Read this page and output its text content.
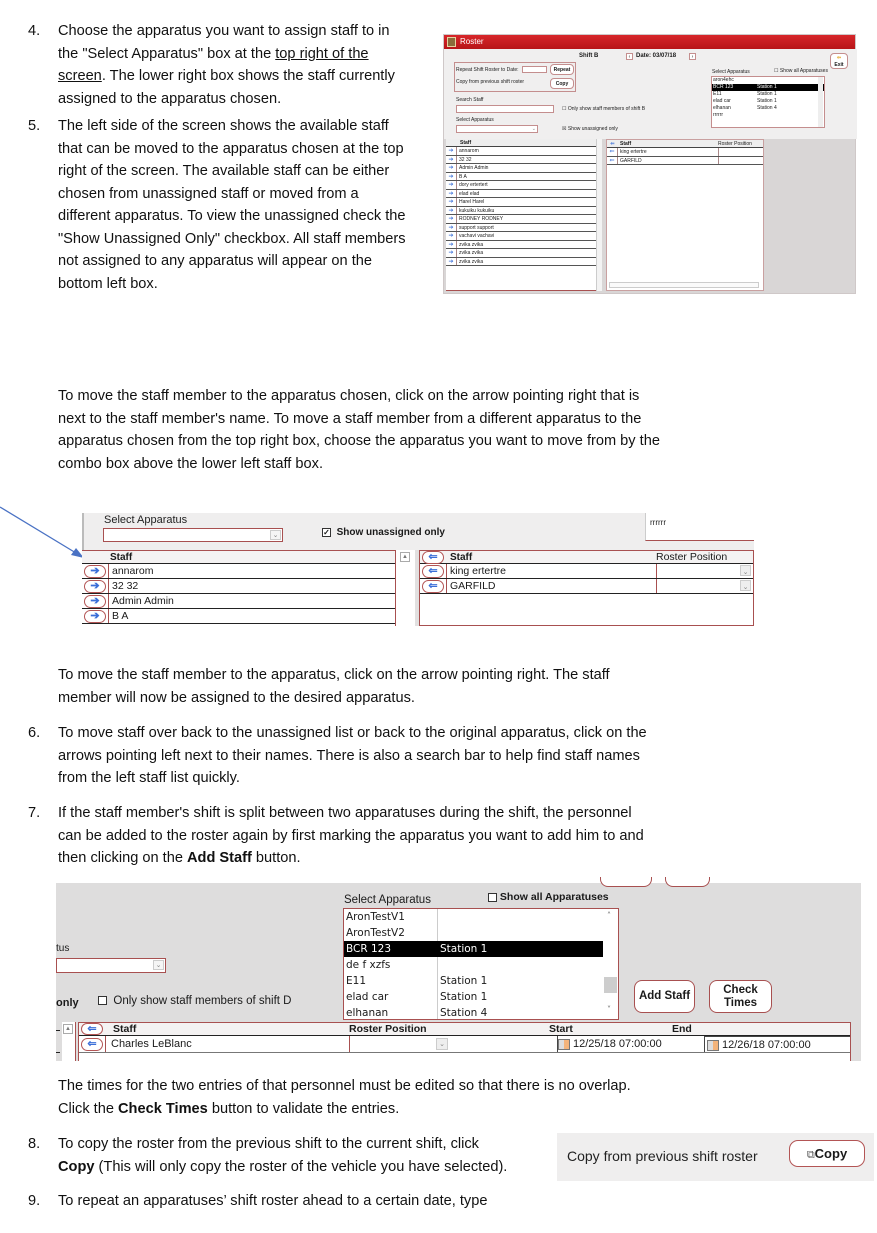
4.	Choose the apparatus you want to assign staff to in
the "Select Apparatus" box at the top right of the
screen. The lower right box shows the staff currently
assigned to the apparatus chosen.
5.	The left side of the screen shows the available staff
that can be moved to the apparatus chosen at the top
right of the screen. The available staff can be either
chosen from unassigned staff or moved from a
different apparatus. To view the unassigned check the
"Show Unassigned Only" checkbox. All staff members
not assigned to any apparatus will appear on the
bottom left box.
Roster
Shift B	‹ Date: 03/07/18	›	⇦
Exit
Repeat Shift Roster to Date:	Repeat
Copy from previous shift roster	Copy
Search Staff
☐ Only show staff members of shift B
Select Apparatus
⌄	☒ Show unassigned only
Select Apparatus	☐ Show all Apparatuses
aron4ehc
BCR 123	Station 1
E11	Station 1
elad car	Station 1
elhanan	Station 4
rrrrrr
Staff
➔	annarom
➔	32 32
➔	Admin Admin
➔	B A
➔	dory ertertert
➔	elad elad
➔	Harel Harel
➔	kukuiku kukuiku
➔	RODNEY RODNEY
➔	support support
➔	vachavi vachavi
➔	zvika zvika
➔	zvika zvika
➔	zvika zvika
⇐	Staff	Roster Position
⇐	king ertertre
⇐	GARFILD
To move the staff member to the apparatus chosen, click on the arrow pointing right that is
next to the staff member's name. To move a staff member from a different apparatus to the
apparatus chosen from the top right box, choose the apparatus you want to move from by the
combo box above the lower left staff box.
Select Apparatus
⌄	✓ Show unassigned only
rrrrrr
Staff
➔	annarom
➔	32 32
➔	Admin Admin
➔	B A
▲	⇐	Staff	Roster Position
⇐	king ertertre	⌄
⇐	GARFILD	⌄
To move the staff member to the apparatus, click on the arrow pointing right. The staff
member will now be assigned to the desired apparatus.
6.	To move staff over back to the unassigned list or back to the original apparatus, click on the
arrows pointing left next to their names. There is also a search bar to help find staff names
from the left staff list quickly.
7.	If the staff member's shift is split between two apparatuses during the shift, the personnel
can be added to the roster again by first marking the apparatus you want to add him to and
then clicking on the Add Staff button.
tus
⌄
only	Only show staff members of shift D
Select Apparatus	Show all Apparatuses
AronTestV1
AronTestV2
BCR 123	Station 1
de f xzfs
E11	Station 1
elad car	Station 1
elhanan	Station 4
˄
˅
Add Staff	Check Times
▲	⇐	Staff	Roster Position	Start	End
⇐	Charles LeBlanc	⌄	12/25/18 07:00:00	12/26/18 07:00:00
The times for the two entries of that personnel must be edited so that there is no overlap.
Click the Check Times button to validate the entries.
8.	To copy the roster from the previous shift to the current shift, click
Copy (This will only copy the roster of the vehicle you have selected).
Copy from previous shift roster	⧉Copy
9.	To repeat an apparatuses’ shift roster ahead to a certain date, type
